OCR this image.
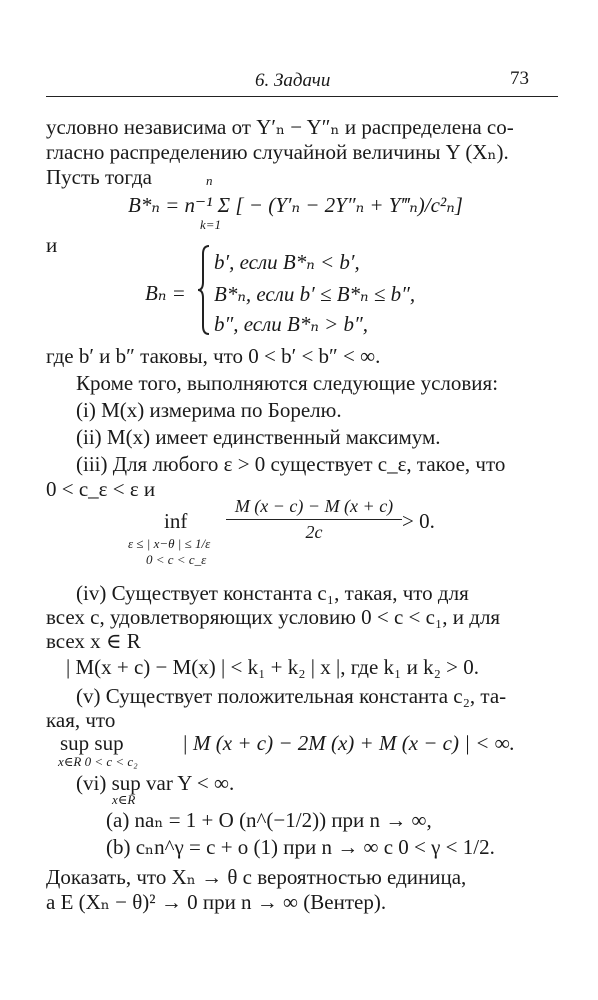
6. Задачи	73
условно независима от Y′ₙ − Y″ₙ и распределена со-
гласно распределению случайной величины Y (Xₙ).
Пусть тогда
B*ₙ = n⁻¹ Σ [ − (Y′ₙ − 2Y″ₙ + Y‴ₙ)/c²ₙ]
n
k=1
и
Bₙ =
b′, если B*ₙ < b′,
B*ₙ, если b′ ≤ B*ₙ ≤ b″,
b″, если B*ₙ > b″,
где b′ и b″ таковы, что 0 < b′ < b″ < ∞.
Кроме того, выполняются следующие условия:
(i) M(x) измерима по Борелю.
(ii) M(x) имеет единственный максимум.
(iii) Для любого ε > 0 существует c_ε, такое, что
0 < c_ε < ε и
inf
ε ≤ | x−θ | ≤ 1/ε
0 < c < c_ε
M (x − c) − M (x + c)
2c	> 0.
(iv) Существует константа c₁, такая, что для
всех c, удовлетворяющих условию 0 < c < c₁, и для
всех x ∈ R
| M(x + c) − M(x) | < k₁ + k₂ | x |, где k₁ и k₂ > 0.
(v) Существует положительная константа c₂, та-
кая, что
sup sup
x∈R 0 < c < c₂
| M (x + c) − 2M (x) + M (x − c) | < ∞.
(vi) sup var Y < ∞.
x∈R
(a) naₙ = 1 + O (n^(−1/2)) при n → ∞,
(b) cₙn^γ = c + o (1) при n → ∞ с 0 < γ < 1/2.
Доказать, что Xₙ → θ с вероятностью единица,
a E (Xₙ − θ)² → 0 при n → ∞ (Вентер).
